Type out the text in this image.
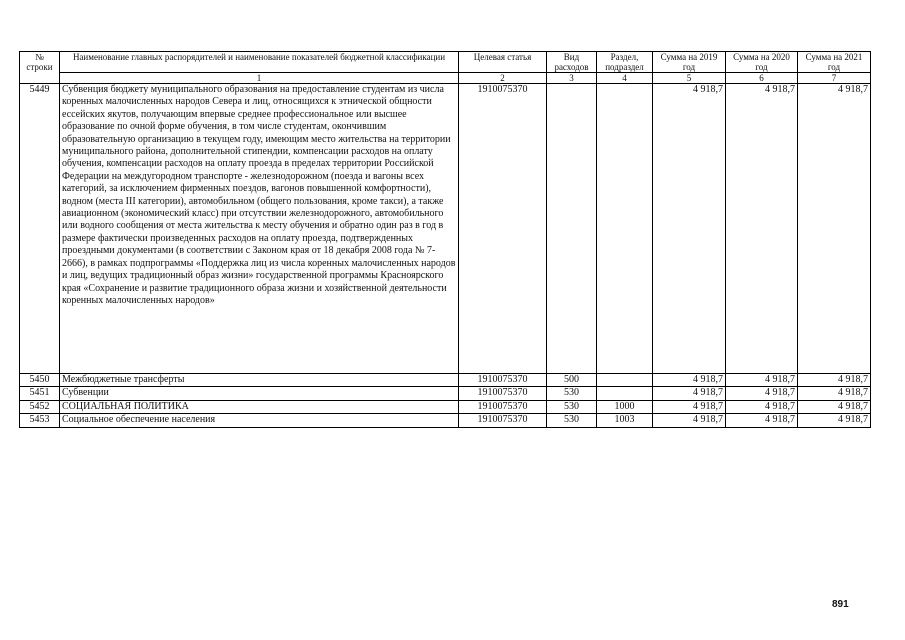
№ строки	Наименование главных распорядителей и наименование показателей бюджетной классификации	Целевая статья	Вид расходов	Раздел, подраздел	Сумма на 2019 год	Сумма на 2020 год	Сумма на 2021 год
	1	2	3	4	5	6	7
5449	Субвенция бюджету муниципального образования на предоставление студентам из числа коренных малочисленных народов Севера и лиц, относящихся к этнической общности ессейских якутов, получающим впервые среднее профессиональное или высшее образование по очной форме обучения, в том числе студентам, окончившим образовательную организацию в текущем году, имеющим место жительства на территории муниципального района, дополнительной стипендии, компенсации расходов на оплату обучения, компенсации расходов на оплату проезда в пределах территории Российской Федерации на междугородном транспорте - железнодорожном (поезда и вагоны всех категорий, за исключением фирменных поездов, вагонов повышенной комфортности), водном (места III категории), автомобильном (общего пользования, кроме такси), а также авиационном (экономический класс) при отсутствии железнодорожного, автомобильного или водного сообщения от места жительства к месту обучения и обратно один раз в год в размере фактически произведенных расходов на оплату проезда, подтвержденных проездными документами (в соответствии с Законом края от 18 декабря 2008 года № 7-2666), в рамках подпрограммы «Поддержка лиц из числа коренных малочисленных народов и лиц, ведущих традиционный образ жизни» государственной программы Красноярского края «Сохранение и развитие традиционного образа жизни и хозяйственной деятельности коренных малочисленных народов»	1910075370			4 918,7	4 918,7	4 918,7
5450	Межбюджетные трансферты	1910075370	500		4 918,7	4 918,7	4 918,7
5451	Субвенции	1910075370	530		4 918,7	4 918,7	4 918,7
5452	СОЦИАЛЬНАЯ ПОЛИТИКА	1910075370	530	1000	4 918,7	4 918,7	4 918,7
5453	Социальное обеспечение населения	1910075370	530	1003	4 918,7	4 918,7	4 918,7
891
